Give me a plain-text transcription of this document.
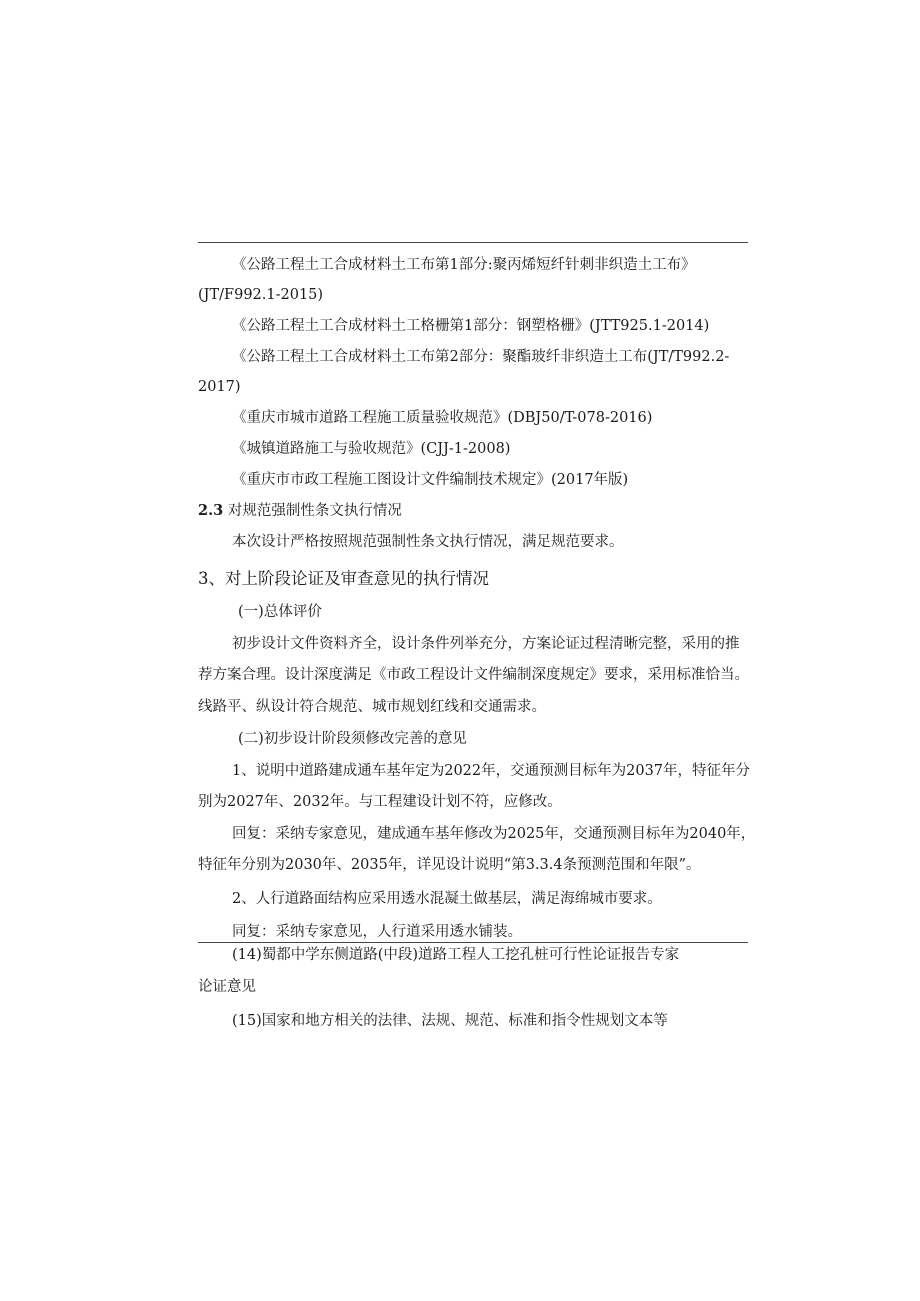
《公路工程土工合成材料土工布第1部分:聚丙烯短纤针刺非织造土工布》
(JT/F992.1-2015)
《公路工程土工合成材料土工格栅第1部分：钢塑格栅》(JTT925.1-2014)
《公路工程土工合成材料土工布第2部分：聚酯玻纤非织造土工布(JT/T992.2-
2017)
《重庆市城市道路工程施工质量验收规范》(DBJ50/T-078-2016)
《城镇道路施工与验收规范》(CJJ-1-2008)
《重庆市市政工程施工图设计文件编制技术规定》(2017年版)
2.3 对规范强制性条文执行情况
本次设计严格按照规范强制性条文执行情况，满足规范要求。
3、对上阶段论证及审查意见的执行情况
(一)总体评价
初步设计文件资料齐全，设计条件列举充分，方案论证过程清晰完整，采用的推
荐方案合理。设计深度满足《市政工程设计文件编制深度规定》要求，采用标准恰当。
线路平、纵设计符合规范、城市规划红线和交通需求。
(二)初步设计阶段须修改完善的意见
1、说明中道路建成通车基年定为2022年，交通预测目标年为2037年，特征年分
别为2027年、2032年。与工程建设计划不符，应修改。
回复：采纳专家意见，建成通车基年修改为2025年，交通预测目标年为2040年，
特征年分别为2030年、2035年，详见设计说明“第3.3.4条预测范围和年限”。
2、人行道路面结构应采用透水混凝土做基层，满足海绵城市要求。
同复：采纳专家意见，人行道采用透水铺装。
(14)蜀都中学东侧道路(中段)道路工程人工挖孔桩可行性论证报告专家
论证意见
(15)国家和地方相关的法律、法规、规范、标准和指令性规划文本等
